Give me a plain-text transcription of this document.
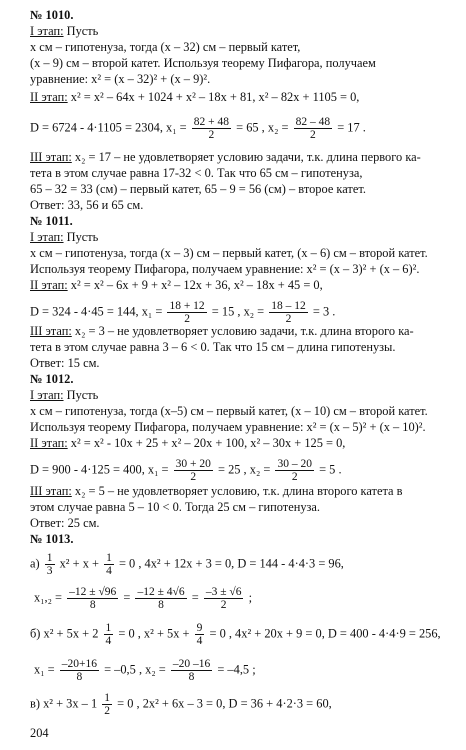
№ 1010.
I этап: Пусть
x см – гипотенуза, тогда (x – 32) см – первый катет,
(x – 9) см – второй катет. Используя теорему Пифагора, получаем
уравнение: x² = (x – 32)² + (x – 9)².
II этап: x² = x² – 64x + 1024 + x² – 18x + 81, x² – 82x + 1105 = 0,
D = 6724 - 4·1105 = 2304, $x_1 = \frac{82 + 48}{2} = 65$ , $x_2 = \frac{82 - 48}{2} = 17$ .
III этап: x₂ = 17 – не удовлетворяет условию задачи, т.к. длина первого ка-
тета в этом случае равна 17-32 < 0. Так что 65 см – гипотенуза,
65 – 32 = 33 (см) – первый катет, 65 – 9 = 56 (см) – второе катет.
Ответ: 33, 56 и 65 см.
№ 1011.
I этап: Пусть
x см – гипотенуза, тогда (x – 3) см – первый катет, (x – 6) см – второй катет.
Используя теорему Пифагора, получаем уравнение: x² = (x – 3)² + (x – 6)².
II этап: x² = x² – 6x + 9 + x² – 12x + 36, x² – 18x + 45 = 0,
D = 324 - 4·45 = 144, $x_1 = \frac{18 + 12}{2} = 15$ , $x_2 = \frac{18 - 12}{2} = 3$ .
III этап: x₂ = 3 – не удовлетворяет условию задачи, т.к. длина второго ка-
тета в этом случае равна 3 – 6 < 0. Так что 15 см – длина гипотенузы.
Ответ: 15 см.
№ 1012.
I этап: Пусть
x см – гипотенуза, тогда (x–5) см – первый катет, (x – 10) см – второй катет.
Используя теорему Пифагора, получаем уравнение: x² = (x – 5)² + (x – 10)².
II этап: x² = x² - 10x + 25 + x² – 20x + 100, x² – 30x + 125 = 0,
D = 900 - 4·125 = 400, $x_1 = \frac{30 + 20}{2} = 25$ , $x_2 = \frac{30 - 20}{2} = 5$ .
III этап: x₂ = 5 – не удовлетворяет условию, т.к. длина второго катета в
этом случае равна 5 – 10 < 0. Тогда 25 см – гипотенуза.
Ответ: 25 см.
№ 1013.
$а) \frac{1}{3} x^2 + x + \frac{1}{4} = 0$ , 4x² + 12x + 3 = 0, D = 144 - 4·4·3 = 96,
$x_1,_2 = \frac{-12 \pm √96}{8} = \frac{-12 \pm 4√6}{8} = \frac{-3 \pm √6}{2}$ ;
б) $x^2 + 5x + 2 \frac{1}{4} = 0$ , $x^2 + 5x + \frac{9}{4} = 0$ , 4x² + 20x + 9 = 0, D = 400 - 4·4·9 = 256,
$x_1 = \frac{-20+16}{8} = -0,5$ , $x_2 = \frac{-20 -16}{8} = -4,5$ ;
в) $x^2 + 3x - 1 \frac{1}{2} = 0$ , 2x² + 6x – 3 = 0, D = 36 + 4·2·3 = 60,
204
